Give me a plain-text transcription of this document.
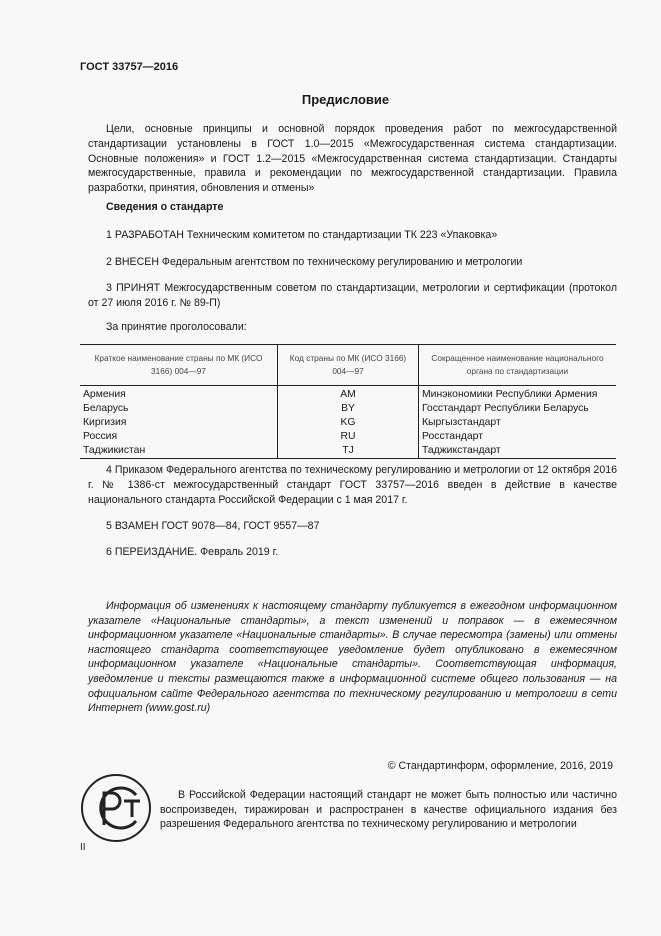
ГОСТ 33757—2016
Предисловие
Цели, основные принципы и основной порядок проведения работ по межгосударственной стандартизации установлены в ГОСТ 1.0—2015 «Межгосударственная система стандартизации. Основные положения» и ГОСТ 1.2—2015 «Межгосударственная система стандартизации. Стандарты межгосударственные, правила и рекомендации по межгосударственной стандартизации. Правила разработки, принятия, обновления и отмены»
Сведения о стандарте
1 РАЗРАБОТАН Техническим комитетом по стандартизации ТК 223 «Упаковка»
2 ВНЕСЕН Федеральным агентством по техническому регулированию и метрологии
3 ПРИНЯТ Межгосударственным советом по стандартизации, метрологии и сертификации (протокол от 27 июля 2016 г. № 89-П)
За принятие проголосовали:
Краткое наименование страны по МК (ИСО 3166) 004—97	Код страны по МК (ИСО 3166) 004—97	Сокращенное наименование национального органа по стандартизации
Армения	AM	Минэкономики Республики Армения
Беларусь	BY	Госстандарт Республики Беларусь
Киргизия	KG	Кыргызстандарт
Россия	RU	Росстандарт
Таджикистан	TJ	Таджикстандарт
4 Приказом Федерального агентства по техническому регулированию и метрологии от 12 октября 2016 г. № 1386-ст межгосударственный стандарт ГОСТ 33757—2016 введен в действие в качестве национального стандарта Российской Федерации с 1 мая 2017 г.
5 ВЗАМЕН ГОСТ 9078—84, ГОСТ 9557—87
6 ПЕРЕИЗДАНИЕ. Февраль 2019 г.
Информация об изменениях к настоящему стандарту публикуется в ежегодном информационном указателе «Национальные стандарты», а текст изменений и поправок — в ежемесячном информационном указателе «Национальные стандарты». В случае пересмотра (замены) или отмены настоящего стандарта соответствующее уведомление будет опубликовано в ежемесячном информационном указателе «Национальные стандарты». Соответствующая информация, уведомление и тексты размещаются также в информационной системе общего пользования — на официальном сайте Федерального агентства по техническому регулированию и метрологии в сети Интернет (www.gost.ru)
© Стандартинформ, оформление, 2016, 2019
В Российской Федерации настоящий стандарт не может быть полностью или частично воспроизведен, тиражирован и распространен в качестве официального издания без разрешения Федерального агентства по техническому регулированию и метрологии
II
